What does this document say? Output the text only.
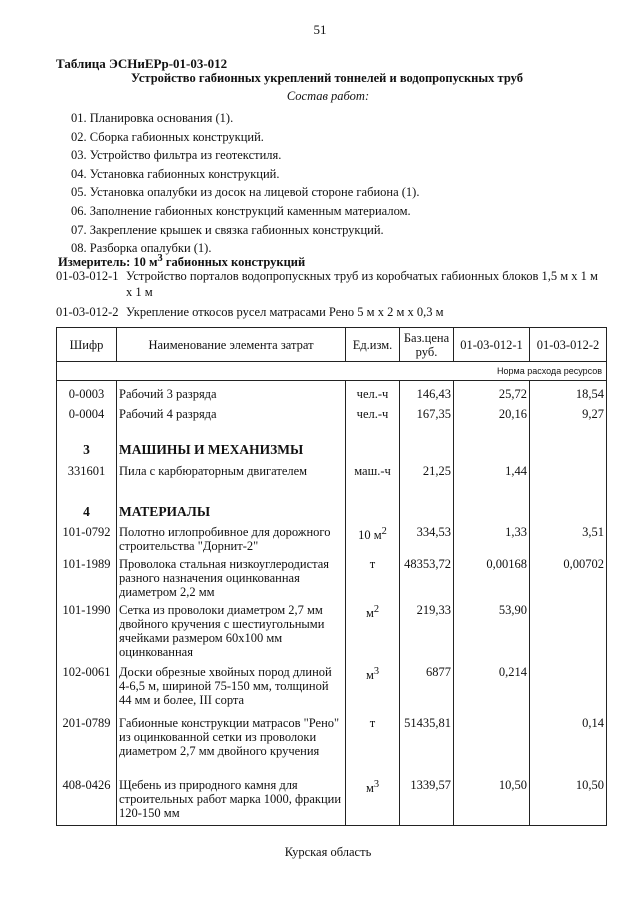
51
Таблица ЭСНиЕРр-01-03-012
Устройство габионных укреплений тоннелей и водопропускных труб
Состав работ:
01. Планировка основания (1).
02. Сборка габионных конструкций.
03. Устройство фильтра из геотекстиля.
04. Установка габионных конструкций.
05. Установка опалубки из досок на лицевой стороне габиона (1).
06. Заполнение габионных конструкций каменным материалом.
07. Закрепление крышек и связка габионных конструкций.
08. Разборка опалубки (1).
Измеритель: 10 $м^3$ габионных конструкций
01-03-012-1 Устройство порталов водопропускных труб из коробчатых габионных блоков 1,5 м х 1 м х 1 м
01-03-012-2 Укрепление откосов русел матрасами Рено 5 м х 2 м х 0,3 м
Шифр	Наименование элемента затрат	Ед.изм.	Баз.цена руб.	01-03-012-1	01-03-012-2
Норма расхода ресурсов					

0-0003	Рабочий 3 разряда	чел.-ч	146,43	25,72	18,54
0-0004	Рабочий 4 разряда	чел.-ч	167,35	20,16	9,27
3	МАШИНЫ И МЕХАНИЗМЫ				
331601	Пила с карбюраторным двигателем	маш.-ч	21,25	1,44	
4	МАТЕРИАЛЫ				
101-0792	Полотно иглопробивное для дорожного строительства "Дорнит-2"	10 $м^2$	334,53	1,33	3,51
101-1989	Проволока стальная низкоуглеродистая разного назначения оцинкованная диаметром 2,2 мм	т	48353,72	0,00168	0,00702
101-1990	Сетка из проволоки диаметром 2,7 мм двойного кручения с шестиугольными ячейками размером 60х100 мм оцинкованная	$м^2$	219,33	53,90	
102-0061	Доски обрезные хвойных пород длиной 4-6,5 м, шириной 75-150 мм, толщиной 44 мм и более, III сорта	$м^3$	6877	0,214	
201-0789	Габионные конструкции матрасов "Рено" из оцинкованной сетки из проволоки диаметром 2,7 мм двойного кручения	т	51435,81		0,14
408-0426	Щебень из природного камня для строительных работ марка 1000, фракции 120-150 мм	$м^3$	1339,57	10,50	10,50
Курская область
